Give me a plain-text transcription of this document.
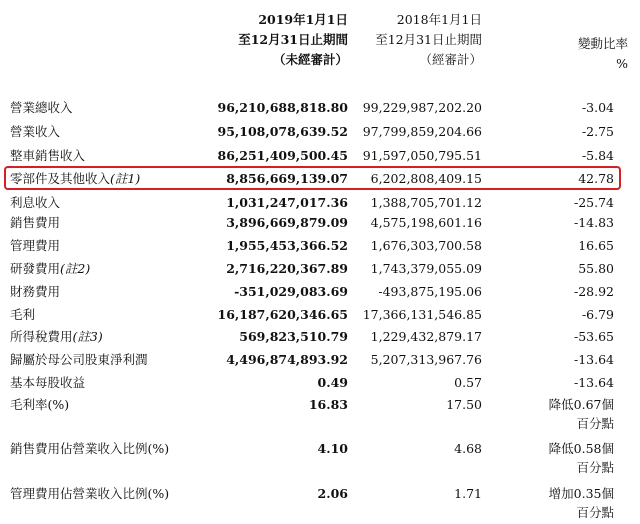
2019年1月1日
至12月31日止期間
（未經審計）
2018年1月1日
至12月31日止期間
（經審計）
變動比率
%
營業總收入	96,210,688,818.80 99,229,987,202.20	-3.04
營業收入	95,108,078,639.52 97,799,859,204.66	-2.75
整車銷售收入	86,251,409,500.45 91,597,050,795.51	-5.84
零部件及其他收入(註1)	8,856,669,139.07 6,202,808,409.15	42.78
利息收入	1,031,247,017.36 1,388,705,701.12	-25.74
銷售費用	3,896,669,879.09 4,575,198,601.16	-14.83
管理費用	1,955,453,366.52 1,676,303,700.58	16.65
研發費用(註2)	2,716,220,367.89 1,743,379,055.09	55.80
財務費用	-351,029,083.69 -493,875,195.06	-28.92
毛利	16,187,620,346.65 17,366,131,546.85	-6.79
所得稅費用(註3)	569,823,510.79 1,229,432,879.17	-53.65
歸屬於母公司股東淨利潤	4,496,874,893.92 5,207,313,967.76	-13.64
基本每股收益	0.49	0.57	-13.64
毛利率(%)	16.83	17.50	降低0.67個
百分點
銷售費用佔營業收入比例(%)	4.10	4.68	降低0.58個
百分點
管理費用佔營業收入比例(%)	2.06	1.71	增加0.35個
百分點
